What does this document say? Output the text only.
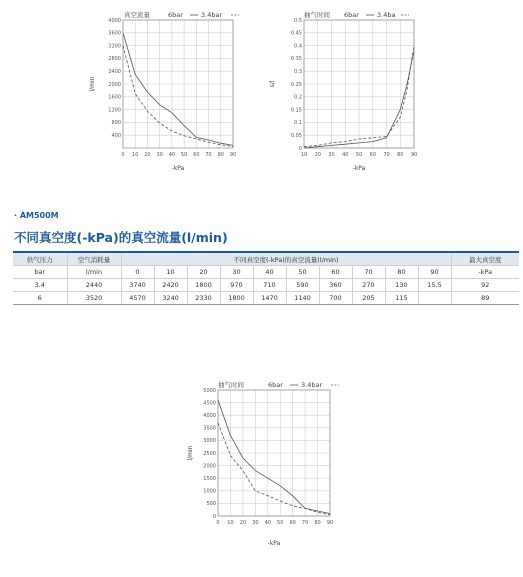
0 10 20 30 40 50 60 70 80 90
400
800
1200
1600
2000
2400
2800
3200
3600
4000
真空流量	6bar	3.4bar
-kPa
l/min
10 20 30 40 50 60 70 80 90
0
0.05
0.1
0.15
0.2
0.25
0.3
0.35
0.4
0.45
0.5
抽气时间 6bar	3.4ba
-kPa
s/l
· AM500M
不同真空度(-kPa)的真空流量(l/min)
供气压力	空气消耗量	不同真空度(-kPa)的真空流量(l/min)										最大真空度
bar	l/min	0	10	20	30	40	50	60	70	80	90	-kPa
3.4	2440	3740	2420	1800	970	710	590	360	270	130	15.5	92
6	3520	4570	3240	2330	1800	1470	1140	700	205	115		89
0 10 20 30 40 50 60 70 80 90
0
500
1000
1500
2000
2500
3000
3500
4000
4500
5000
抽气时间	6bar	3.4bar
-kPa
l/min
